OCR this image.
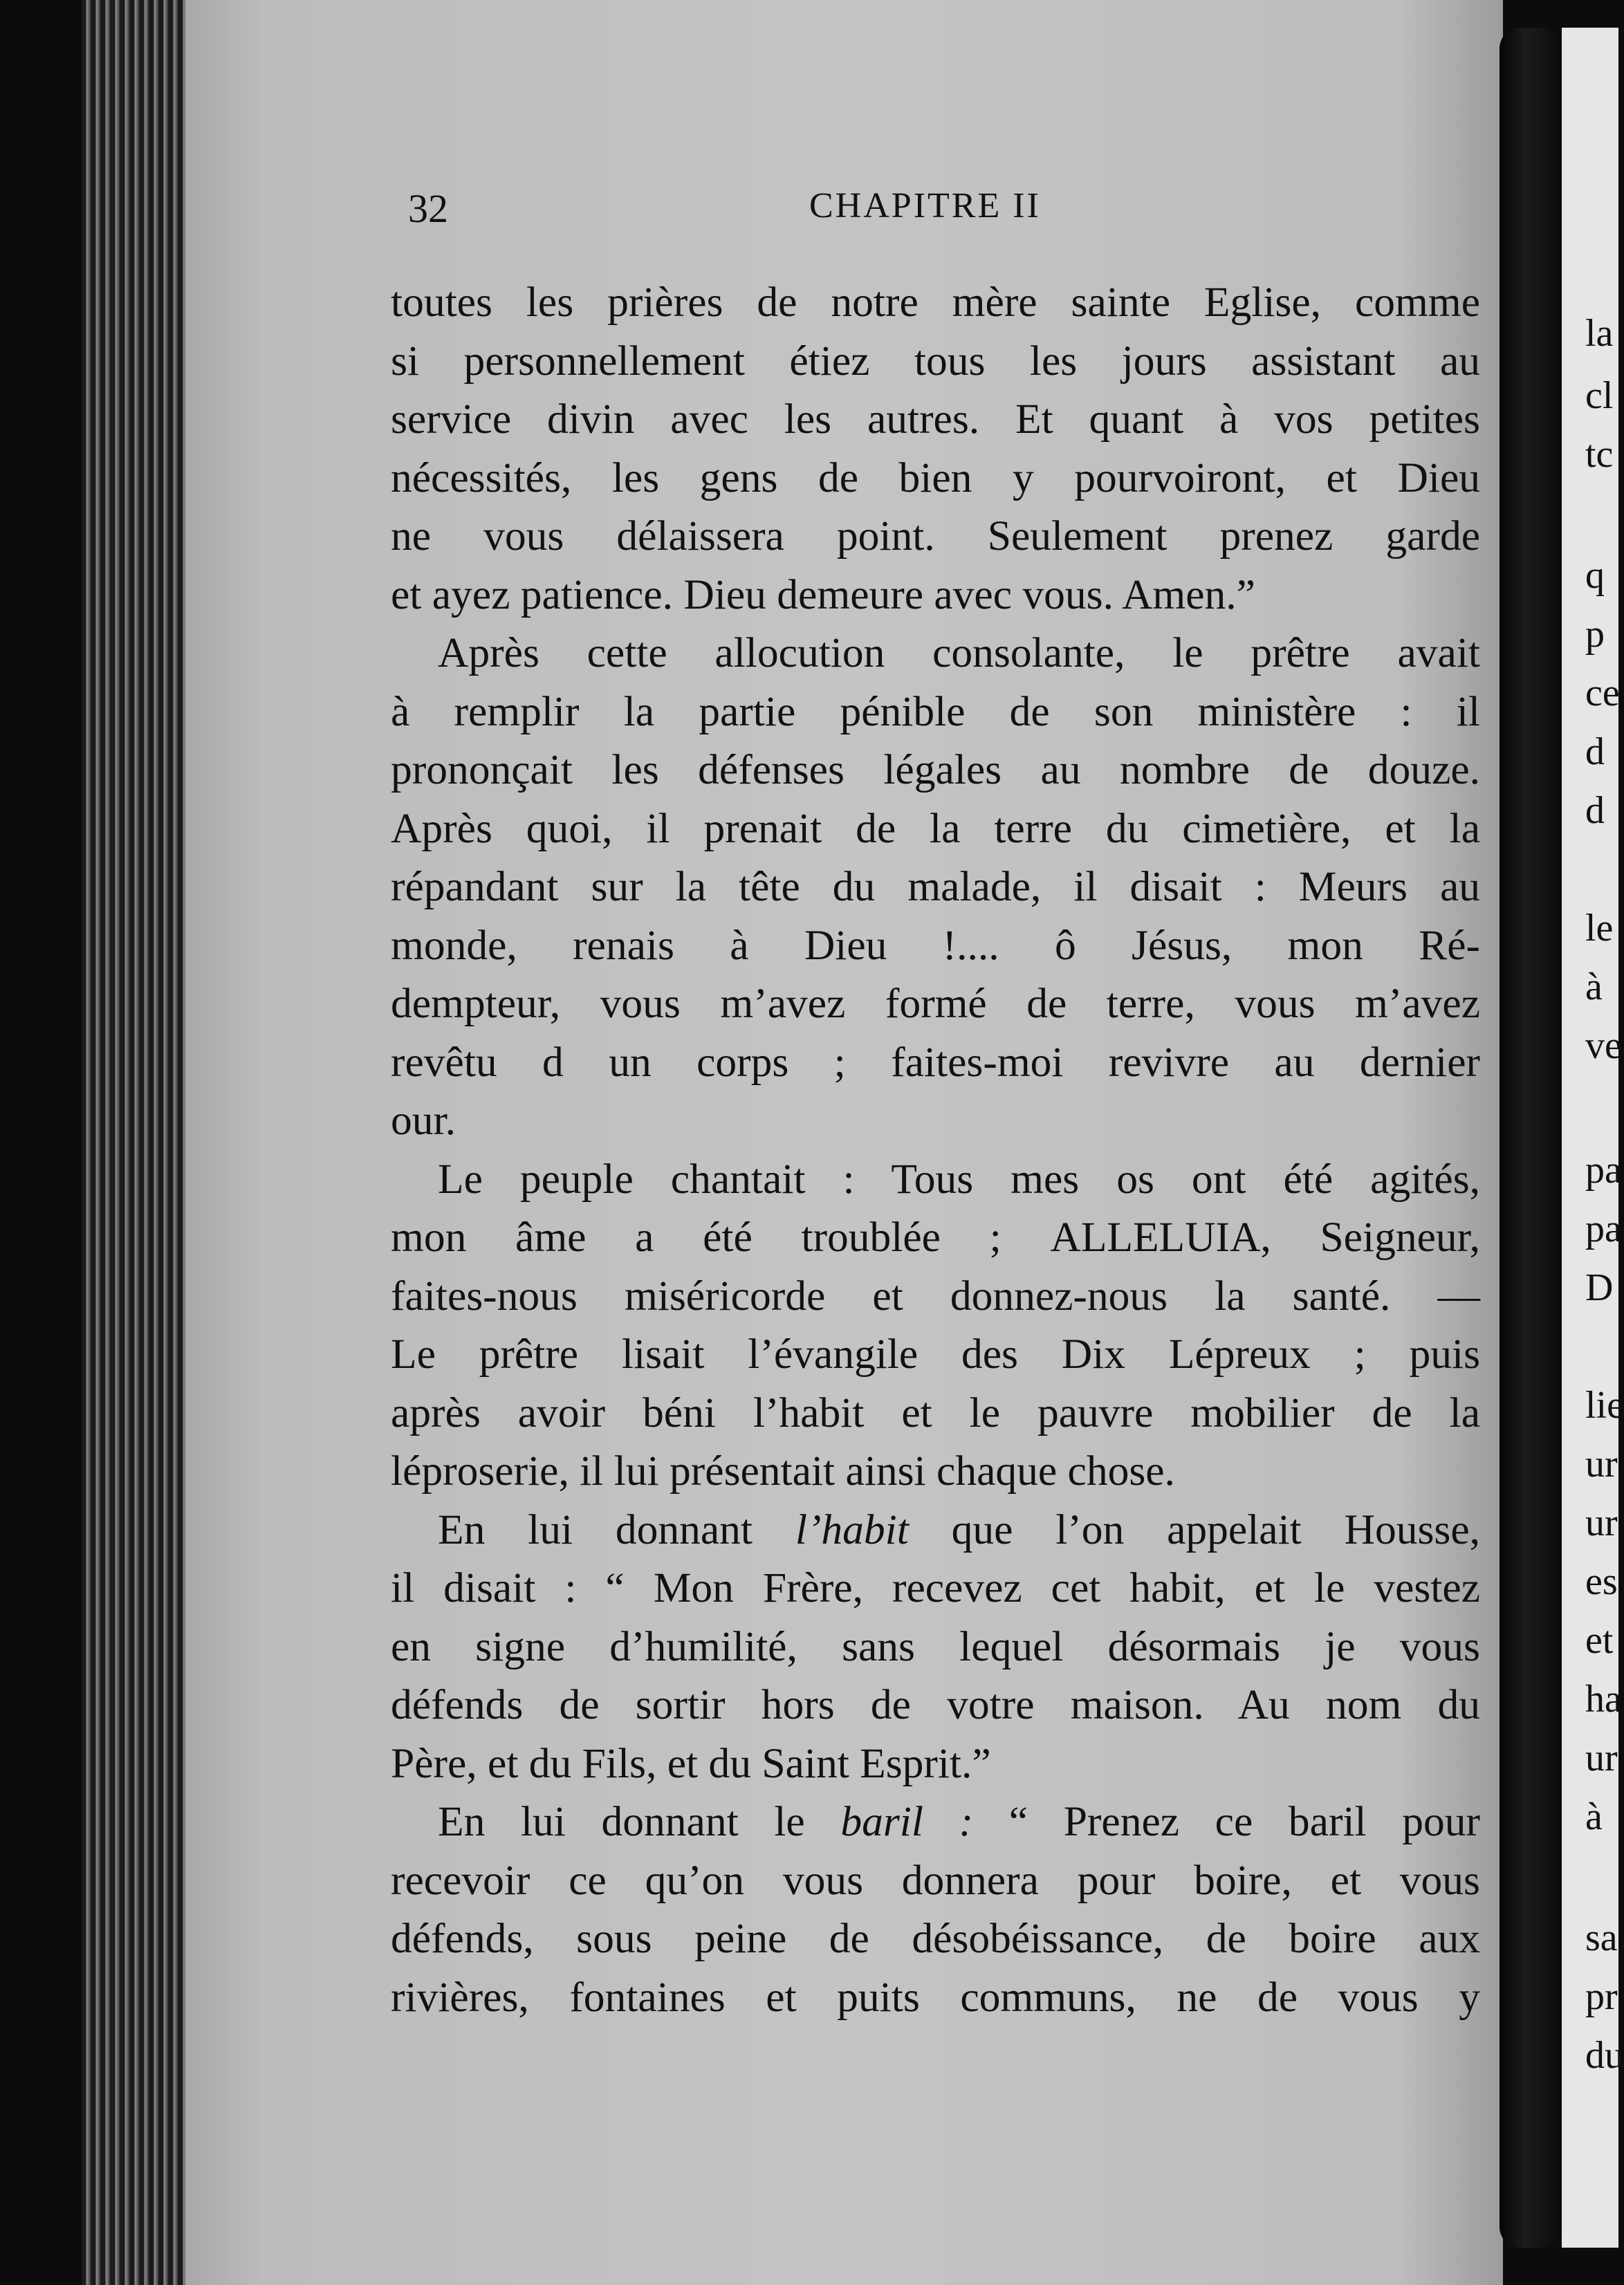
32	CHAPITRE II
toutes les prières de notre mère sainte Eglise, comme
si personnellement étiez tous les jours assistant au
service divin avec les autres. Et quant à vos petites
nécessités, les gens de bien y pourvoiront, et Dieu
ne vous délaissera point. Seulement prenez garde
et ayez patience. Dieu demeure avec vous. Amen.”
Après cette allocution consolante, le prêtre avait
à remplir la partie pénible de son ministère : il
prononçait les défenses légales au nombre de douze.
Après quoi, il prenait de la terre du cimetière, et la
répandant sur la tête du malade, il disait : Meurs au
monde, renais à Dieu !.... ô Jésus, mon Ré-
dempteur, vous m’avez formé de terre, vous m’avez
revêtu d un corps ; faites-moi revivre au dernier
our.
Le peuple chantait : Tous mes os ont été agités,
mon âme a été troublée ; ALLELUIA, Seigneur,
faites-nous miséricorde et donnez-nous la santé. —
Le prêtre lisait l’évangile des Dix Lépreux ; puis
après avoir béni l’habit et le pauvre mobilier de la
léproserie, il lui présentait ainsi chaque chose.
En lui donnant l’habit que l’on appelait Housse,
il disait : “ Mon Frère, recevez cet habit, et le vestez
en signe d’humilité, sans lequel désormais je vous
défends de sortir hors de votre maison. Au nom du
Père, et du Fils, et du Saint Esprit.”
En lui donnant le baril : “ Prenez ce baril pour
recevoir ce qu’on vous donnera pour boire, et vous
défends, sous peine de désobéissance, de boire aux
rivières, fontaines et puits communs, ne de vous y
la
cl
tc
q
p
ce
d
d
le
à
ve
pa
pa
D
lie
ur
ur
es
et
ha
ur
à
sa
pr
du
